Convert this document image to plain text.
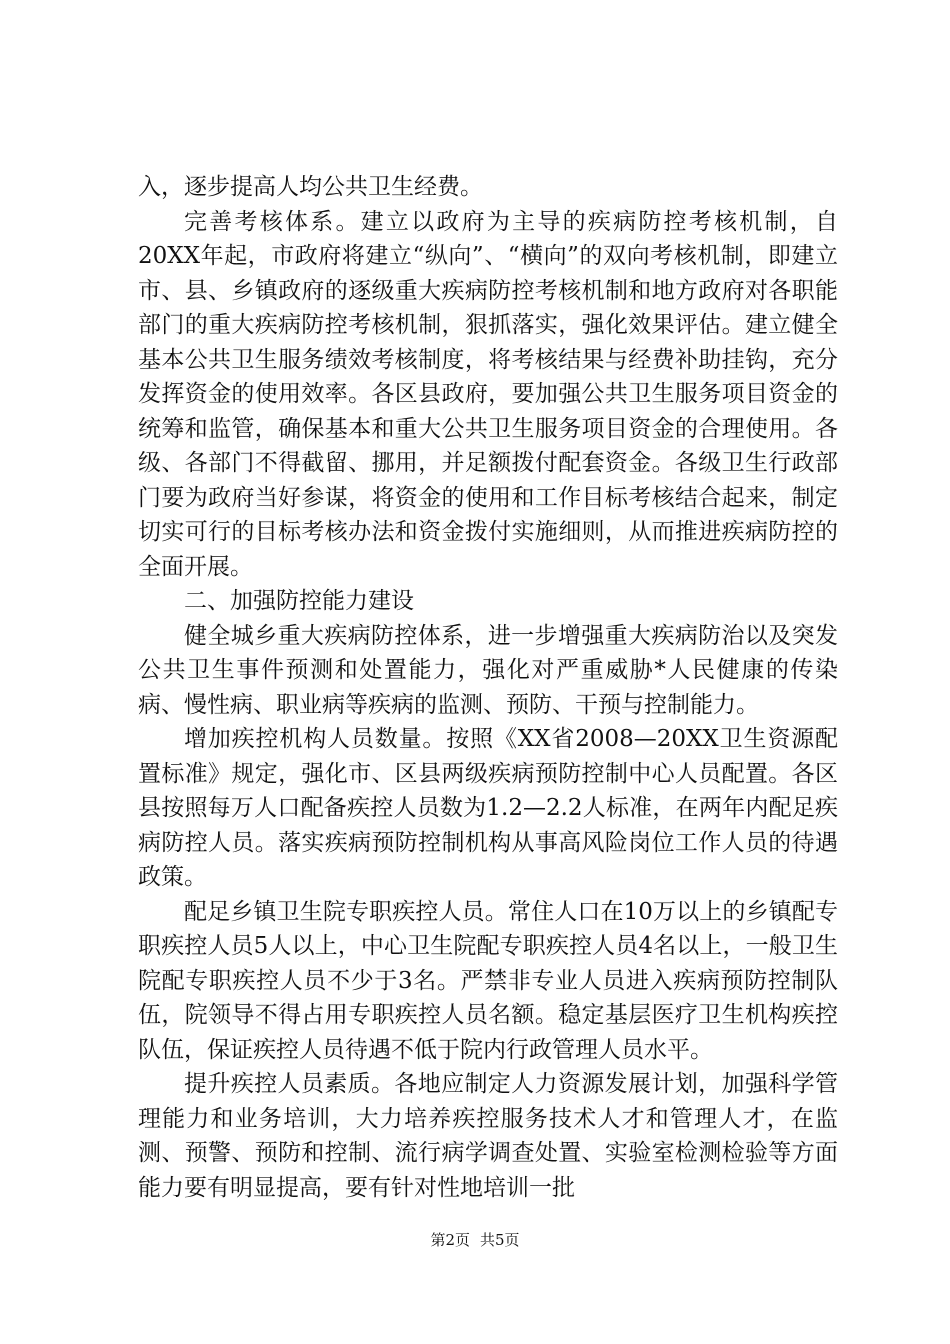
入，逐步提高人均公共卫生经费。

完善考核体系。建立以政府为主导的疾病防控考核机制，自20XX年起，市政府将建立“纵向”、“横向”的双向考核机制，即建立市、县、乡镇政府的逐级重大疾病防控考核机制和地方政府对各职能部门的重大疾病防控考核机制，狠抓落实，强化效果评估。建立健全基本公共卫生服务绩效考核制度，将考核结果与经费补助挂钩，充分发挥资金的使用效率。各区县政府，要加强公共卫生服务项目资金的统筹和监管，确保基本和重大公共卫生服务项目资金的合理使用。各级、各部门不得截留、挪用，并足额拨付配套资金。各级卫生行政部门要为政府当好参谋，将资金的使用和工作目标考核结合起来，制定切实可行的目标考核办法和资金拨付实施细则，从而推进疾病防控的全面开展。

二、加强防控能力建设

健全城乡重大疾病防控体系，进一步增强重大疾病防治以及突发公共卫生事件预测和处置能力，强化对严重威胁*人民健康的传染病、慢性病、职业病等疾病的监测、预防、干预与控制能力。

增加疾控机构人员数量。按照《XX省2008—20XX卫生资源配置标准》规定，强化市、区县两级疾病预防控制中心人员配置。各区县按照每万人口配备疾控人员数为1.2—2.2人标准，在两年内配足疾病防控人员。落实疾病预防控制机构从事高风险岗位工作人员的待遇政策。

配足乡镇卫生院专职疾控人员。常住人口在10万以上的乡镇配专职疾控人员5人以上，中心卫生院配专职疾控人员4名以上，一般卫生院配专职疾控人员不少于3名。严禁非专业人员进入疾病预防控制队伍，院领导不得占用专职疾控人员名额。稳定基层医疗卫生机构疾控队伍，保证疾控人员待遇不低于院内行政管理人员水平。

提升疾控人员素质。各地应制定人力资源发展计划，加强科学管理能力和业务培训，大力培养疾控服务技术人才和管理人才，在监测、预警、预防和控制、流行病学调查处置、实验室检测检验等方面能力要有明显提高，要有针对性地培训一批

第2页 共5页
